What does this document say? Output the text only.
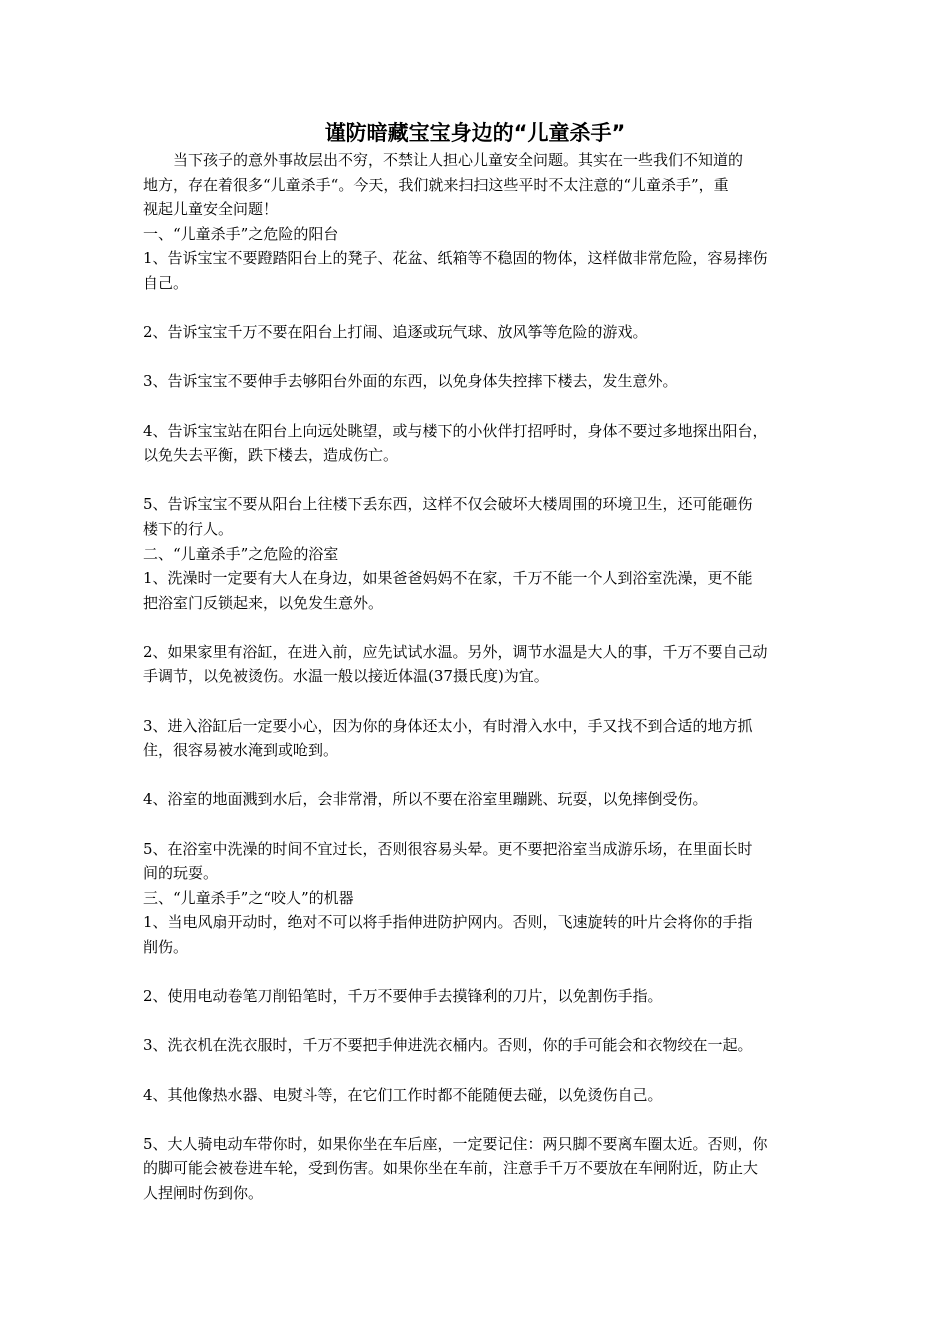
谨防暗藏宝宝身边的“儿童杀手”
当下孩子的意外事故层出不穷，不禁让人担心儿童安全问题。其实在一些我们不知道的
地方，存在着很多“儿童杀手“。今天，我们就来扫扫这些平时不太注意的“儿童杀手”，重
视起儿童安全问题！
一、“儿童杀手”之危险的阳台
1、告诉宝宝不要蹬踏阳台上的凳子、花盆、纸箱等不稳固的物体，这样做非常危险，容易摔伤
自己。
2、告诉宝宝千万不要在阳台上打闹、追逐或玩气球、放风筝等危险的游戏。
3、告诉宝宝不要伸手去够阳台外面的东西，以免身体失控摔下楼去，发生意外。
4、告诉宝宝站在阳台上向远处眺望，或与楼下的小伙伴打招呼时，身体不要过多地探出阳台，
以免失去平衡，跌下楼去，造成伤亡。
5、告诉宝宝不要从阳台上往楼下丢东西，这样不仅会破坏大楼周围的环境卫生，还可能砸伤
楼下的行人。
二、“儿童杀手”之危险的浴室
1、洗澡时一定要有大人在身边，如果爸爸妈妈不在家，千万不能一个人到浴室洗澡，更不能
把浴室门反锁起来，以免发生意外。
2、如果家里有浴缸，在进入前，应先试试水温。另外，调节水温是大人的事，千万不要自己动
手调节，以免被烫伤。水温一般以接近体温(37摄氏度)为宜。
3、进入浴缸后一定要小心，因为你的身体还太小，有时滑入水中，手又找不到合适的地方抓
住，很容易被水淹到或呛到。
4、浴室的地面溅到水后，会非常滑，所以不要在浴室里蹦跳、玩耍，以免摔倒受伤。
5、在浴室中洗澡的时间不宜过长，否则很容易头晕。更不要把浴室当成游乐场，在里面长时
间的玩耍。
三、“儿童杀手”之“咬人”的机器
1、当电风扇开动时，绝对不可以将手指伸进防护网内。否则，飞速旋转的叶片会将你的手指
削伤。
2、使用电动卷笔刀削铅笔时，千万不要伸手去摸锋利的刀片，以免割伤手指。
3、洗衣机在洗衣服时，千万不要把手伸进洗衣桶内。否则，你的手可能会和衣物绞在一起。
4、其他像热水器、电熨斗等，在它们工作时都不能随便去碰，以免烫伤自己。
5、大人骑电动车带你时，如果你坐在车后座，一定要记住：两只脚不要离车圈太近。否则，你
的脚可能会被卷进车轮，受到伤害。如果你坐在车前，注意手千万不要放在车闸附近，防止大
人捏闸时伤到你。
